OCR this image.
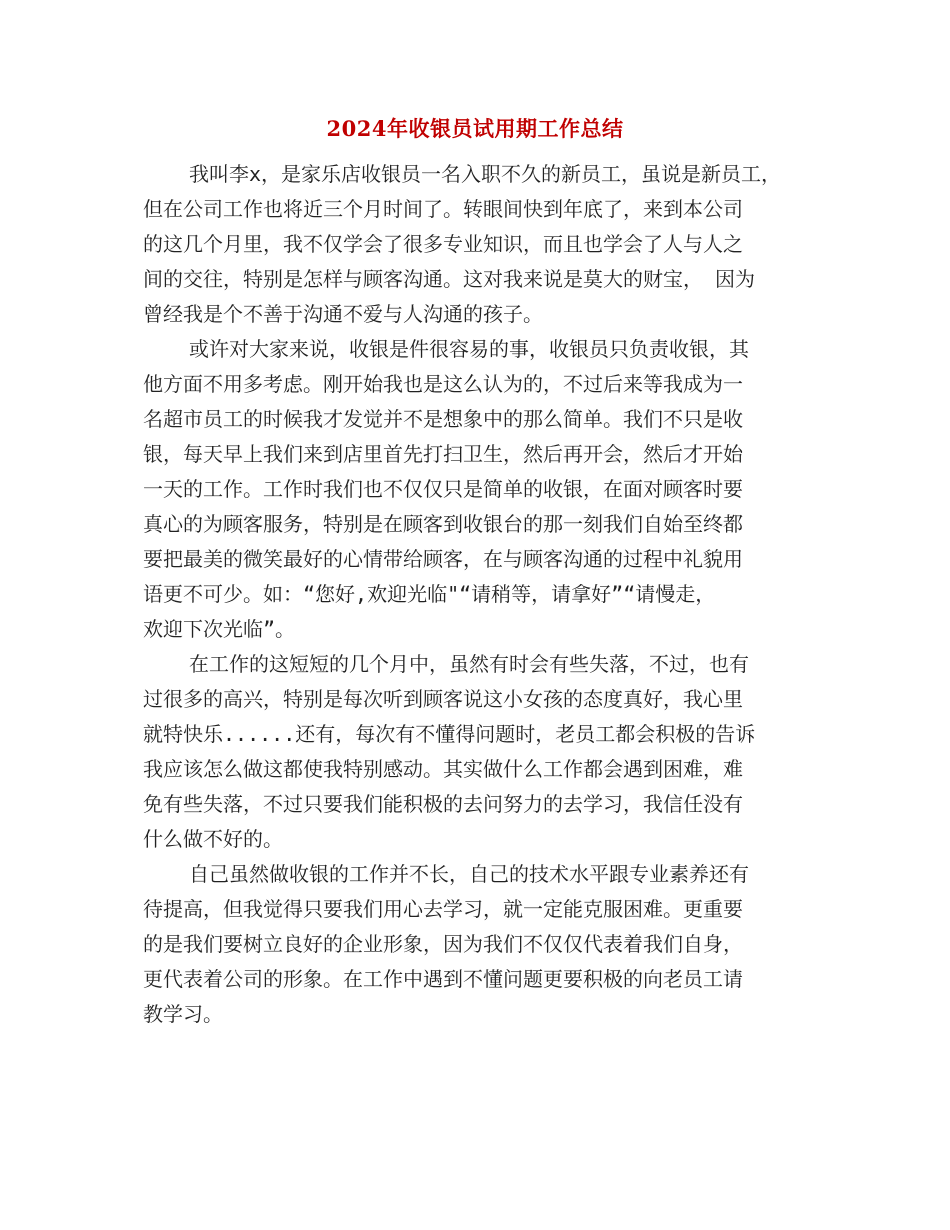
2024年收银员试用期工作总结
我叫李x，是家乐店收银员一名入职不久的新员工，虽说是新员工，
但在公司工作也将近三个月时间了。转眼间快到年底了，来到本公司
的这几个月里，我不仅学会了很多专业知识，而且也学会了人与人之
间的交往，特别是怎样与顾客沟通。这对我来说是莫大的财宝， 因为
曾经我是个不善于沟通不爱与人沟通的孩子。
或许对大家来说，收银是件很容易的事，收银员只负责收银，其
他方面不用多考虑。刚开始我也是这么认为的，不过后来等我成为一
名超市员工的时候我才发觉并不是想象中的那么简单。我们不只是收
银，每天早上我们来到店里首先打扫卫生，然后再开会，然后才开始
一天的工作。工作时我们也不仅仅只是简单的收银，在面对顾客时要
真心的为顾客服务，特别是在顾客到收银台的那一刻我们自始至终都
要把最美的微笑最好的心情带给顾客，在与顾客沟通的过程中礼貌用
语更不可少。如：“您好,欢迎光临"“请稍等，请拿好”“请慢走，
欢迎下次光临”。
在工作的这短短的几个月中，虽然有时会有些失落，不过，也有
过很多的高兴，特别是每次听到顾客说这小女孩的态度真好，我心里
就特快乐......还有，每次有不懂得问题时，老员工都会积极的告诉
我应该怎么做这都使我特别感动。其实做什么工作都会遇到困难，难
免有些失落，不过只要我们能积极的去问努力的去学习，我信任没有
什么做不好的。
自己虽然做收银的工作并不长，自己的技术水平跟专业素养还有
待提高，但我觉得只要我们用心去学习，就一定能克服困难。更重要
的是我们要树立良好的企业形象，因为我们不仅仅代表着我们自身，
更代表着公司的形象。在工作中遇到不懂问题更要积极的向老员工请
教学习。
